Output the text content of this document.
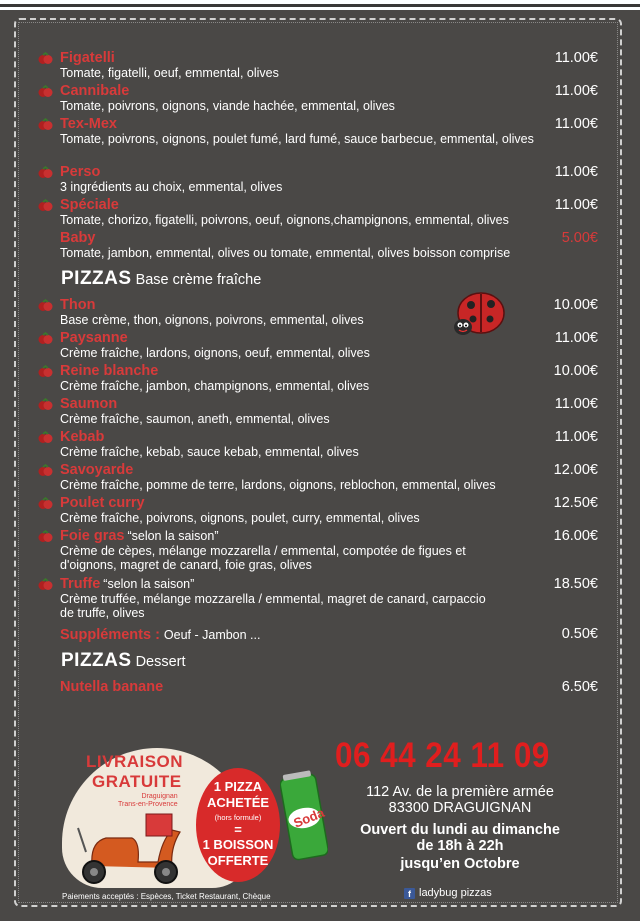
Figatelli	11.00€
Tomate, figatelli, oeuf, emmental, olives
Cannibale	11.00€
Tomate, poivrons, oignons, viande hachée, emmental, olives
Tex-Mex	11.00€
Tomate, poivrons, oignons, poulet fumé, lard fumé, sauce barbecue, emmental, olives
Perso	11.00€
3 ingrédients au choix, emmental, olives
Spéciale	11.00€
Tomate, chorizo, figatelli, poivrons, oeuf, oignons,champignons, emmental, olives
Baby	5.00€
Tomate, jambon, emmental, olives ou tomate, emmental, olives boisson comprise
PIZZAS Base crème fraîche
Thon	10.00€
Base crème, thon, oignons, poivrons, emmental, olives
Paysanne	11.00€
Crème fraîche, lardons, oignons, oeuf, emmental, olives
Reine blanche	10.00€
Crème fraîche, jambon, champignons, emmental, olives
Saumon	11.00€
Crème fraîche, saumon, aneth, emmental, olives
Kebab	11.00€
Crème fraîche, kebab, sauce kebab, emmental, olives
Savoyarde	12.00€
Crème fraîche, pomme de terre, lardons, oignons, reblochon, emmental, olives
Poulet curry	12.50€
Crème fraîche, poivrons, oignons, poulet, curry, emmental, olives
Foie gras “selon la saison”	16.00€
Crème de cèpes, mélange mozzarella / emmental, compotée de figues et d'oignons, magret de canard, foie gras, olives
Truffe “selon la saison”	18.50€
Crème truffée, mélange mozzarella / emmental, magret de canard, carpaccio de truffe, olives
Suppléments : Oeuf - Jambon ...	0.50€
PIZZAS Dessert
Nutella banane	6.50€
LIVRAISON
GRATUITE
Draguignan
Trans-en-Provence
1 PIZZA
ACHETÉE
(hors formule)
=
1 BOISSON
OFFERTE
Soda
06 44 24 11 09
112 Av. de la première armée
83300 DRAGUIGNAN
Ouvert du lundi au dimanche
de 18h à 22h
jusqu’en Octobre
Paiements acceptés : Espèces, Ticket Restaurant, Chèque	f ladybug pizzas
